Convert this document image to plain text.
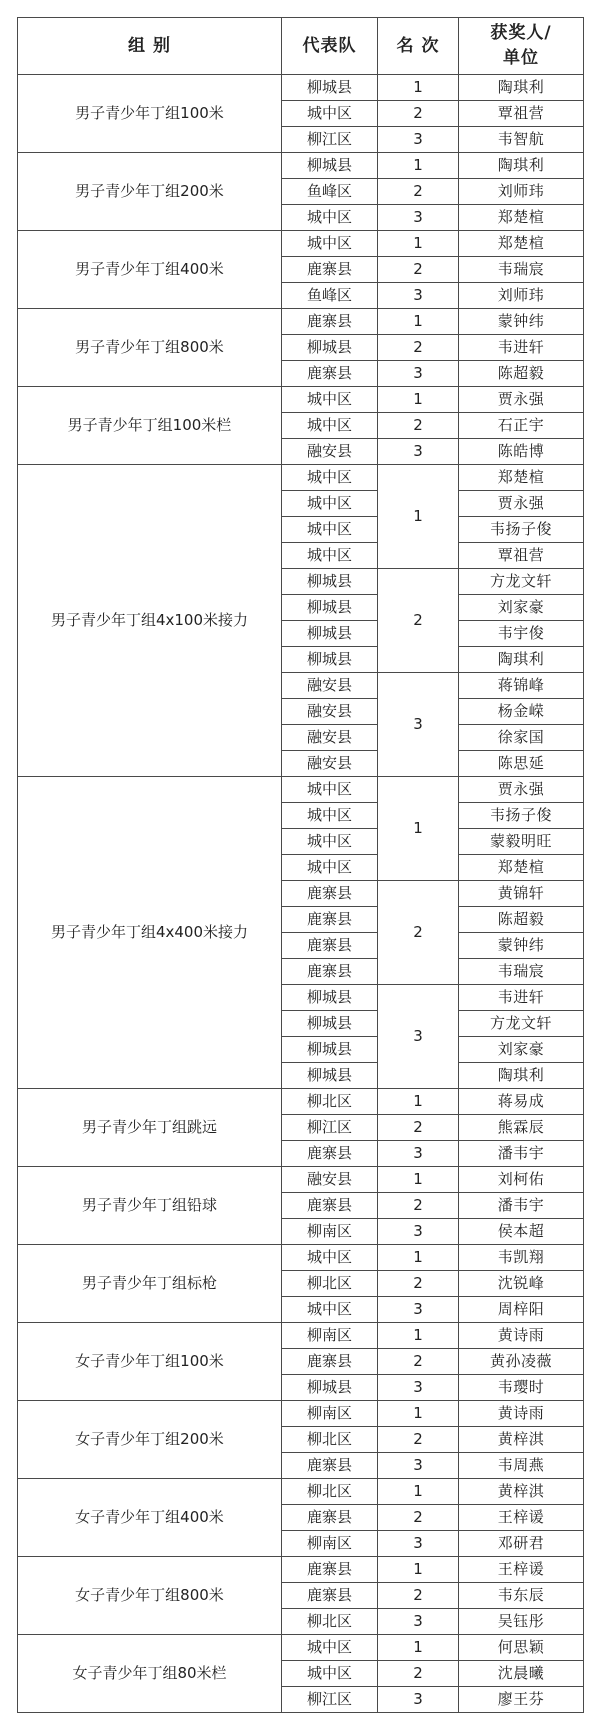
组 别	代表队	名 次	获奖人/
单位
男子青少年丁组100米	柳城县	1	陶琪利
	城中区	2	覃祖营
	柳江区	3	韦智航
男子青少年丁组200米	柳城县	1	陶琪利
	鱼峰区	2	刘师玮
	城中区	3	郑楚楦
男子青少年丁组400米	城中区	1	郑楚楦
	鹿寨县	2	韦瑞宸
	鱼峰区	3	刘师玮
男子青少年丁组800米	鹿寨县	1	蒙钟纬
	柳城县	2	韦进轩
	鹿寨县	3	陈超毅
男子青少年丁组100米栏	城中区	1	贾永强
	城中区	2	石正宇
	融安县	3	陈皓博
男子青少年丁组4x100米接力	城中区	1	郑楚楦
	城中区		贾永强
	城中区		韦扬子俊
	城中区		覃祖营
	柳城县	2	方龙文轩
	柳城县		刘家豪
	柳城县		韦宇俊
	柳城县		陶琪利
	融安县	3	蒋锦峰
	融安县		杨金嵘
	融安县		徐家国
	融安县		陈思延
男子青少年丁组4x400米接力	城中区	1	贾永强
	城中区		韦扬子俊
	城中区		蒙毅明旺
	城中区		郑楚楦
	鹿寨县	2	黄锦轩
	鹿寨县		陈超毅
	鹿寨县		蒙钟纬
	鹿寨县		韦瑞宸
	柳城县	3	韦进轩
	柳城县		方龙文轩
	柳城县		刘家豪
	柳城县		陶琪利
男子青少年丁组跳远	柳北区	1	蒋易成
	柳江区	2	熊霖辰
	鹿寨县	3	潘韦宇
男子青少年丁组铅球	融安县	1	刘柯佑
	鹿寨县	2	潘韦宇
	柳南区	3	侯本超
男子青少年丁组标枪	城中区	1	韦凯翔
	柳北区	2	沈锐峰
	城中区	3	周梓阳
女子青少年丁组100米	柳南区	1	黄诗雨
	鹿寨县	2	黄孙凌薇
	柳城县	3	韦璎时
女子青少年丁组200米	柳南区	1	黄诗雨
	柳北区	2	黄梓淇
	鹿寨县	3	韦周燕
女子青少年丁组400米	柳北区	1	黄梓淇
	鹿寨县	2	王梓谖
	柳南区	3	邓研君
女子青少年丁组800米	鹿寨县	1	王梓谖
	鹿寨县	2	韦东辰
	柳北区	3	吴钰彤
女子青少年丁组80米栏	城中区	1	何思颖
	城中区	2	沈晨曦
	柳江区	3	廖王芬
